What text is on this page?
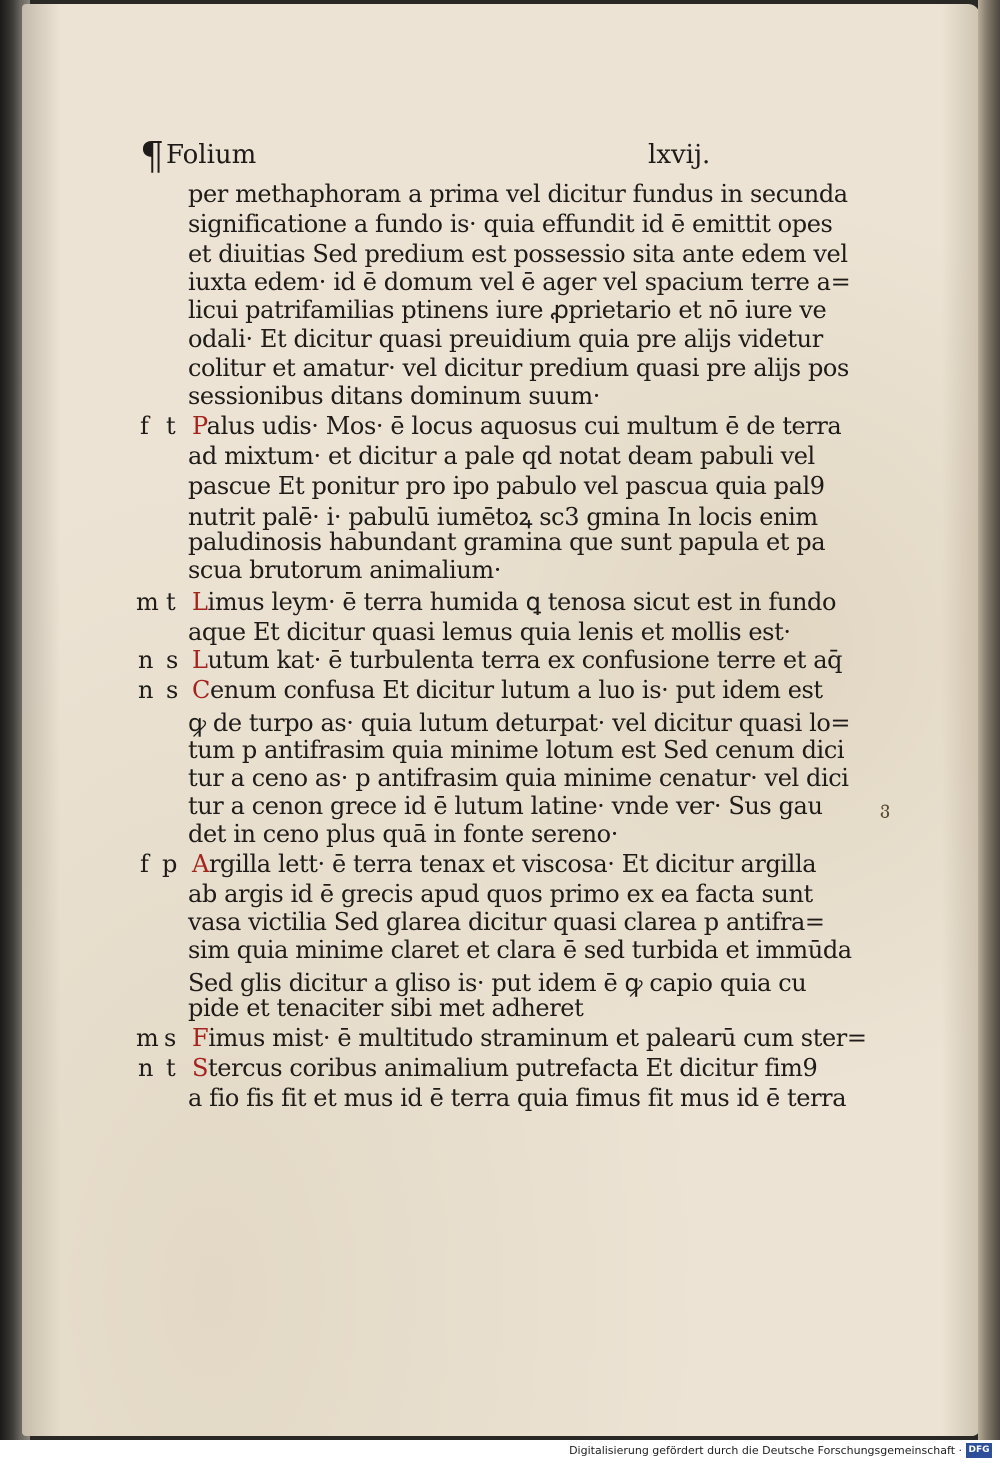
¶ Folium	lxvij.
per methaphoram a prima vel dicitur fundus in secunda
significatione a fundo is· quia effundit id ē emittit opes
et diuitias Sed predium est possessio sita ante edem vel
iuxta edem· id ē domum vel ē ager vel spacium terre a=
licui patrifamilias ptinens iure ꝓprietario et nō iure ve
odali· Et dicitur quasi preuidium quia pre alijs videtur
colitur et amatur· vel dicitur predium quasi pre alijs pos
sessionibus ditans dominum suum·
Palus udis· Mos· ē locus aquosus cui multum ē de terra
ad mixtum· et dicitur a pale qd notat deam pabuli vel
pascue Et ponitur pro ipo pabulo vel pascua quia pal9
nutrit palē· i· pabulū iumētoꝝ sc3 gmina In locis enim
paludinosis habundant gramina que sunt papula et pa
scua brutorum animalium·
Limus leym· ē terra humida ꝗ tenosa sicut est in fundo
aque Et dicitur quasi lemus quia lenis et mollis est·
Lutum kat· ē turbulenta terra ex confusione terre et aq̄
Cenum confusa Et dicitur lutum a luo is· put idem est
ꝙ de turpo as· quia lutum deturpat· vel dicitur quasi lo=
tum p antifrasim quia minime lotum est Sed cenum dici
tur a ceno as· p antifrasim quia minime cenatur· vel dici
tur a cenon grece id ē lutum latine· vnde ver· Sus gau
det in ceno plus quā in fonte sereno·
Argilla lett· ē terra tenax et viscosa· Et dicitur argilla
ab argis id ē grecis apud quos primo ex ea facta sunt
vasa victilia Sed glarea dicitur quasi clarea p antifra=
sim quia minime claret et clara ē sed turbida et immūda
Sed glis dicitur a gliso is· put idem ē ꝙ capio quia cu
pide et tenaciter sibi met adheret
Fimus mist· ē multitudo straminum et palearū cum ster=
Stercus coribus animalium putrefacta Et dicitur fim9
a fio fis fit et mus id ē terra quia fimus fit mus id ē terra
f t
m t
n s
n s
f p
m s
n t
ვ
Digitalisierung gefördert durch die Deutsche Forschungsgemeinschaft · DFG
